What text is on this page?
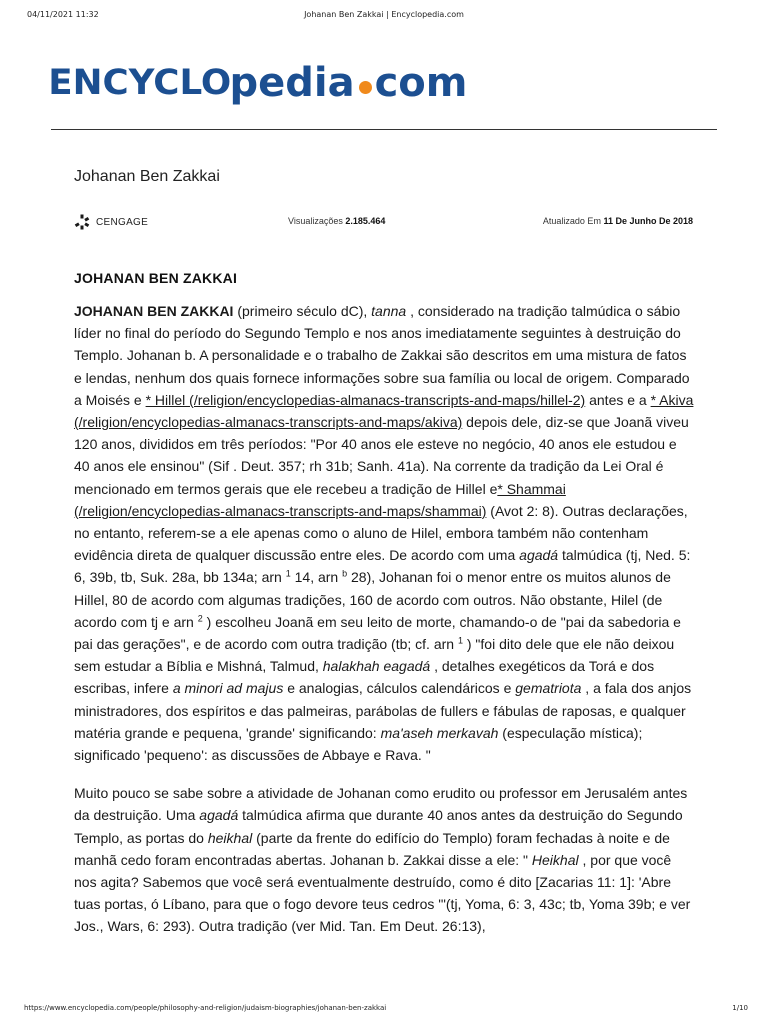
04/11/2021 11:32	Johanan Ben Zakkai | Encyclopedia.com
ENCYCLO
pedia com
Johanan Ben Zakkai
CENGAGE	Visualizações 2.185.464	Atualizado Em 11 De Junho De 2018
JOHANAN BEN ZAKKAI

JOHANAN BEN ZAKKAI (primeiro século dC), tanna , considerado na tradição talmúdica o sábio líder no final do período do Segundo Templo e nos anos imediatamente seguintes à destruição do Templo. Johanan b. A personalidade e o trabalho de Zakkai são descritos em uma mistura de fatos e lendas, nenhum dos quais fornece informações sobre sua família ou local de origem. Comparado a Moisés e * Hillel (/religion/encyclopedias-almanacs-transcripts-and-maps/hillel-2) antes e a * Akiva (/religion/encyclopedias-almanacs-transcripts-and-maps/akiva) depois dele, diz-se que Joanã viveu 120 anos, divididos em três períodos: "Por 40 anos ele esteve no negócio, 40 anos ele estudou e 40 anos ele ensinou" (Sif . Deut. 357; rh 31b; Sanh. 41a). Na corrente da tradição da Lei Oral é mencionado em termos gerais que ele recebeu a tradição de Hillel e* Shammai (/religion/encyclopedias-almanacs-transcripts-and-maps/shammai) (Avot 2: 8). Outras declarações, no entanto, referem-se a ele apenas como o aluno de Hilel, embora também não contenham evidência direta de qualquer discussão entre eles. De acordo com uma agadá talmúdica (tj, Ned. 5: 6, 39b, tb, Suk. 28a, bb 134a; arn $^1$ 14, arn $^b$ 28), Johanan foi o menor entre os muitos alunos de Hillel, 80 de acordo com algumas tradições, 160 de acordo com outros. Não obstante, Hilel (de acordo com tj e arn $^2$ ) escolheu Joanã em seu leito de morte, chamando-o de "pai da sabedoria e pai das gerações", e de acordo com outra tradição (tb; cf. arn $^1$ ) "foi dito dele que ele não deixou sem estudar a Bíblia e Mishná, Talmud, halakhah eagadá , detalhes exegéticos da Torá e dos escribas, infere a minori ad majus e analogias, cálculos calendáricos e gematriota , a fala dos anjos ministradores, dos espíritos e das palmeiras, parábolas de fullers e fábulas de raposas, e qualquer matéria grande e pequena, 'grande' significando: ma'aseh merkavah (especulação mística); significado 'pequeno': as discussões de Abbaye e Rava. "

Muito pouco se sabe sobre a atividade de Johanan como erudito ou professor em Jerusalém antes da destruição. Uma agadá talmúdica afirma que durante 40 anos antes da destruição do Segundo Templo, as portas do heikhal (parte da frente do edifício do Templo) foram fechadas à noite e de manhã cedo foram encontradas abertas. Johanan b. Zakkai disse a ele: " Heikhal , por que você nos agita? Sabemos que você será eventualmente destruído, como é dito [Zacarias 11: 1]: 'Abre tuas portas, ó Líbano, para que o fogo devore teus cedros '"(tj, Yoma, 6: 3, 43c; tb, Yoma 39b; e ver Jos., Wars, 6: 293). Outra tradição (ver Mid. Tan. Em Deut. 26:13),

https://www.encyclopedia.com/people/philosophy-and-religion/judaism-biographies/johanan-ben-zakkai	1/10
